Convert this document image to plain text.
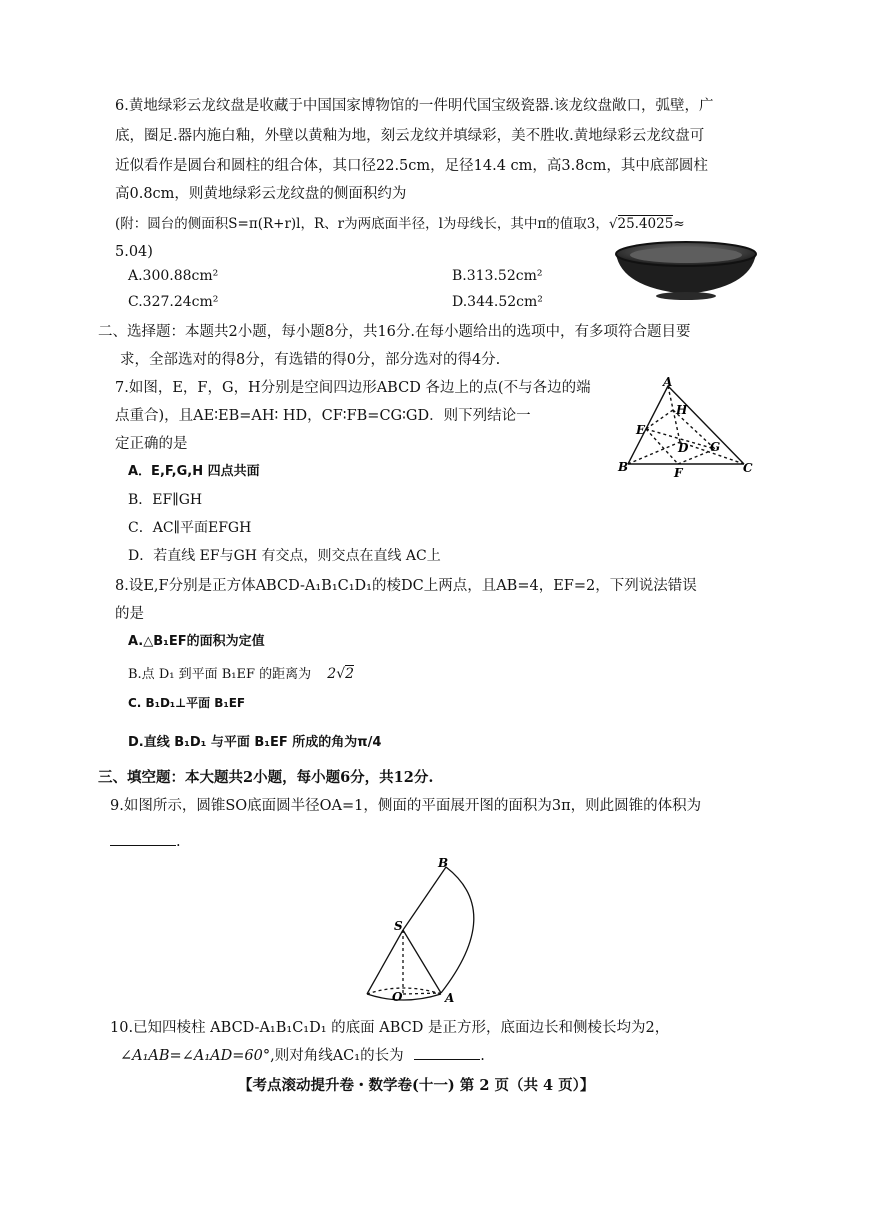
6.黄地绿彩云龙纹盘是收藏于中国国家博物馆的一件明代国宝级瓷器.该龙纹盘敞口，弧壁，广
底，圈足.器内施白釉，外壁以黄釉为地，刻云龙纹并填绿彩，美不胜收.黄地绿彩云龙纹盘可
近似看作是圆台和圆柱的组合体，其口径22.5cm，足径14.4 cm，高3.8cm，其中底部圆柱
高0.8cm，则黄地绿彩云龙纹盘的侧面积约为
(附：圆台的侧面积S=π(R+r)l，R、r为两底面半径，l为母线长，其中π的值取3，√25.4025≈
5.04)
A.300.88cm²	B.313.52cm²
C.327.24cm²	D.344.52cm²
二、选择题：本题共2小题，每小题8分，共16分.在每小题给出的选项中，有多项符合题目要
求，全部选对的得8分，有选错的得0分，部分选对的得4分.
7.如图，E，F，G，H分别是空间四边形ABCD 各边上的点(不与各边的端
点重合)，且AE∶EB=AH∶ HD，CF∶FB=CG∶GD．则下列结论一
定正确的是
A．E,F,G,H 四点共面
B．EF∥GH
C．AC∥平面EFGH
D．若直线 EF与GH 有交点，则交点在直线 AC上
A
H
E
D G
B	F	C
8.设E,F分别是正方体ABCD-A₁B₁C₁D₁的棱DC上两点，且AB=4，EF=2，下列说法错误
的是
A.△B₁EF的面积为定值
B.点 D₁ 到平面 B₁EF 的距离为 2√2
C. B₁D₁⊥平面 B₁EF
D.直线 B₁D₁ 与平面 B₁EF 所成的角为π/4
三、填空题：本大题共2小题，每小题6分，共12分.
9.如图所示，圆锥SO底面圆半径OA=1，侧面的平面展开图的面积为3π，则此圆锥的体积为
.
B
S
O	A
10.已知四棱柱 ABCD-A₁B₁C₁D₁ 的底面 ABCD 是正方形，底面边长和侧棱长均为2，
∠A₁AB=∠A₁AD=60°,则对角线AC₁的长为	.
【考点滚动提升卷・数学卷(十一) 第 2 页（共 4 页）】
